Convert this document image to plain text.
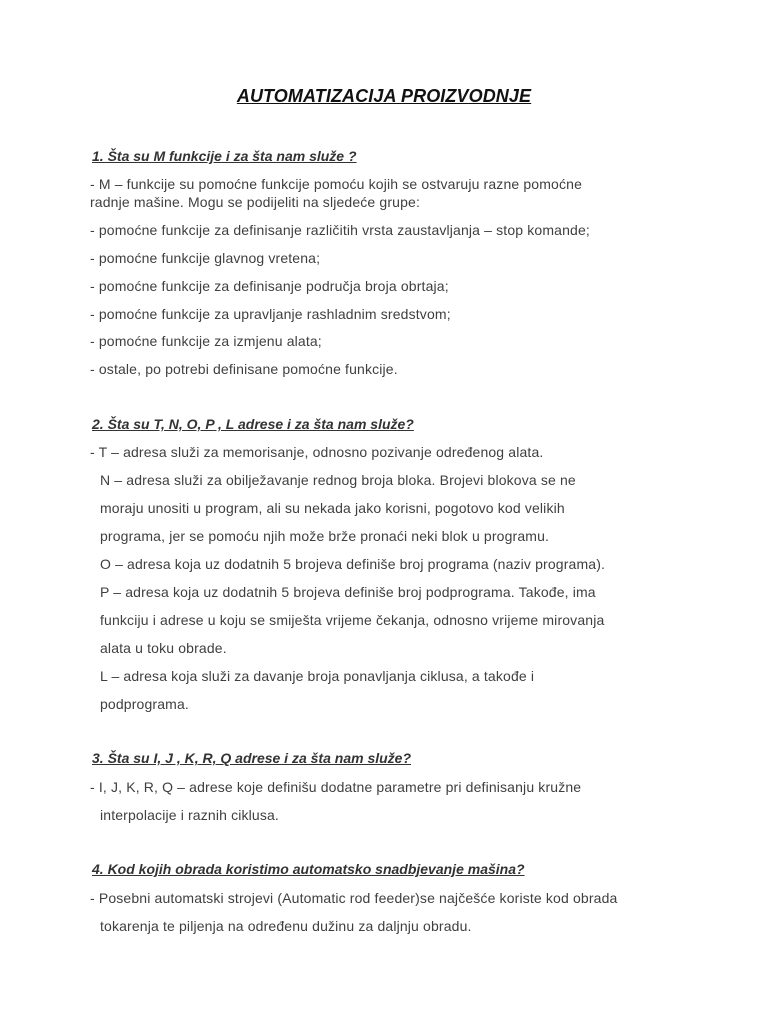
AUTOMATIZACIJA PROIZVODNJE
1. Šta su M funkcije i za šta nam služe ?
- M – funkcije su pomoćne funkcije pomoću kojih se ostvaruju razne pomoćne
radnje mašine. Mogu se podijeliti na sljedeće grupe:
- pomoćne funkcije za definisanje različitih vrsta zaustavljanja – stop komande;
- pomoćne funkcije glavnog vretena;
- pomoćne funkcije za definisanje područja broja obrtaja;
- pomoćne funkcije za upravljanje rashladnim sredstvom;
- pomoćne funkcije za izmjenu alata;
- ostale, po potrebi definisane pomoćne funkcije.
2. Šta su T, N, O, P , L adrese i za šta nam služe?
- T – adresa služi za memorisanje, odnosno pozivanje određenog alata.
N – adresa služi za obilježavanje rednog broja bloka. Brojevi blokova se ne
moraju unositi u program, ali su nekada jako korisni, pogotovo kod velikih
programa, jer se pomoću njih može brže pronaći neki blok u programu.
O – adresa koja uz dodatnih 5 brojeva definiše broj programa (naziv programa).
P – adresa koja uz dodatnih 5 brojeva definiše broj podprograma. Takođe, ima
funkciju i adrese u koju se smiješta vrijeme čekanja, odnosno vrijeme mirovanja
alata u toku obrade.
L – adresa koja služi za davanje broja ponavljanja ciklusa, a takođe i
podprograma.
3. Šta su I, J , K, R, Q adrese i za šta nam služe?
- I, J, K, R, Q – adrese koje definišu dodatne parametre pri definisanju kružne
interpolacije i raznih ciklusa.
4. Kod kojih obrada koristimo automatsko snadbjevanje mašina?
- Posebni automatski strojevi (Automatic rod feeder)se najčešće koriste kod obrada
tokarenja te piljenja na određenu dužinu za daljnju obradu.
